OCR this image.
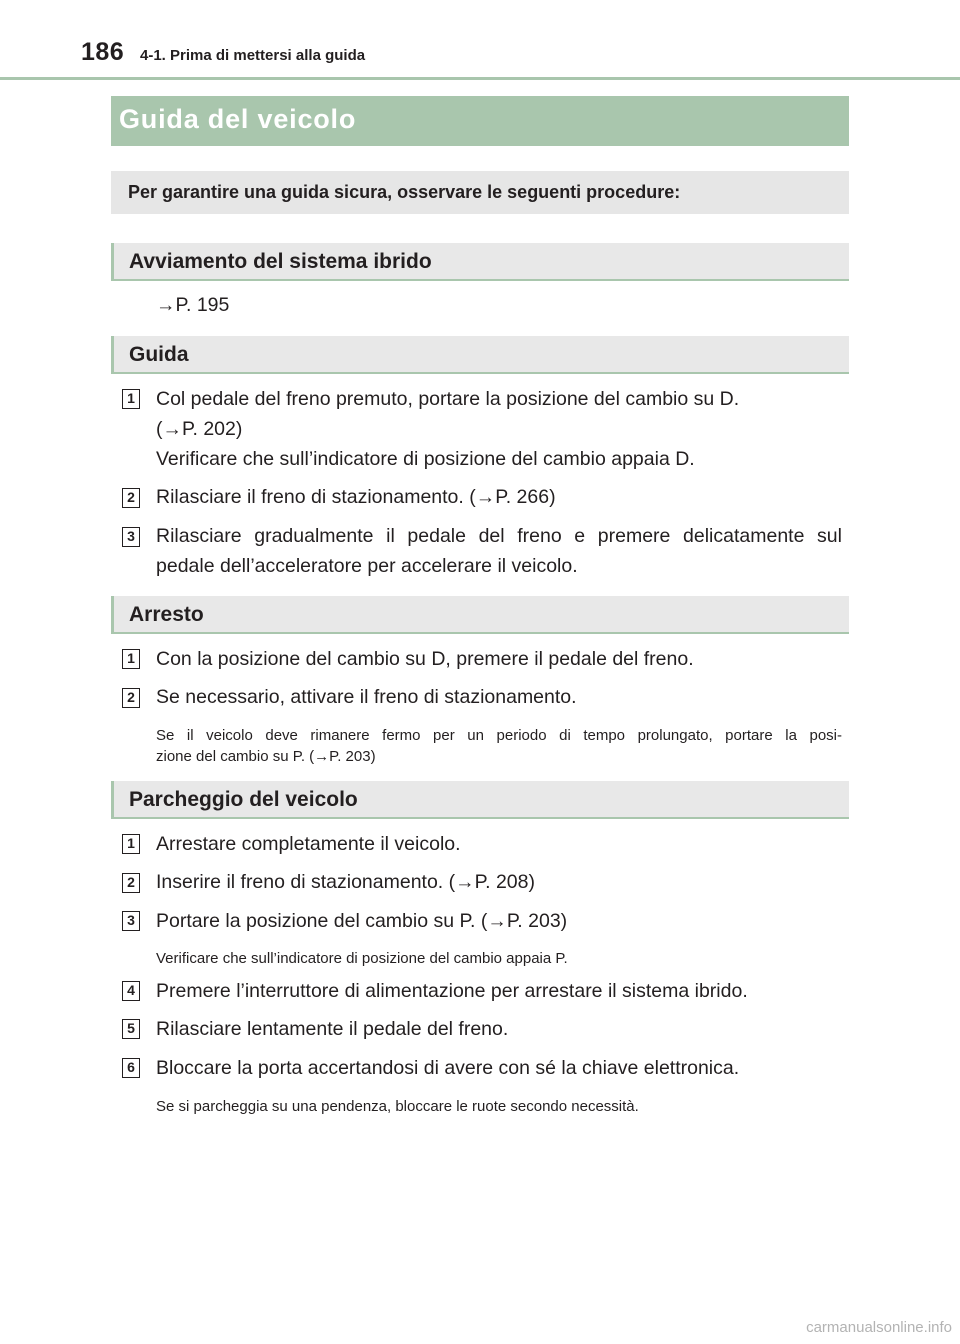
186 4-1. Prima di mettersi alla guida
Guida del veicolo
Per garantire una guida sicura, osservare le seguenti procedure:
Avviamento del sistema ibrido
→P. 195
Guida
1 Col pedale del freno premuto, portare la posizione del cambio su D.
(→P. 202)
Verificare che sull’indicatore di posizione del cambio appaia D.
2 Rilasciare il freno di stazionamento. (→P. 266)
3 Rilasciare gradualmente il pedale del freno e premere delicatamente sul
pedale dell’acceleratore per accelerare il veicolo.
Arresto
1 Con la posizione del cambio su D, premere il pedale del freno.
2 Se necessario, attivare il freno di stazionamento.
Se il veicolo deve rimanere fermo per un periodo di tempo prolungato, portare la posi-
zione del cambio su P. (→P. 203)
Parcheggio del veicolo
1 Arrestare completamente il veicolo.
2 Inserire il freno di stazionamento. (→P. 208)
3 Portare la posizione del cambio su P. (→P. 203)
Verificare che sull’indicatore di posizione del cambio appaia P.
4 Premere l’interruttore di alimentazione per arrestare il sistema ibrido.
5 Rilasciare lentamente il pedale del freno.
6 Bloccare la porta accertandosi di avere con sé la chiave elettronica.
Se si parcheggia su una pendenza, bloccare le ruote secondo necessità.
carmanualsonline.info
